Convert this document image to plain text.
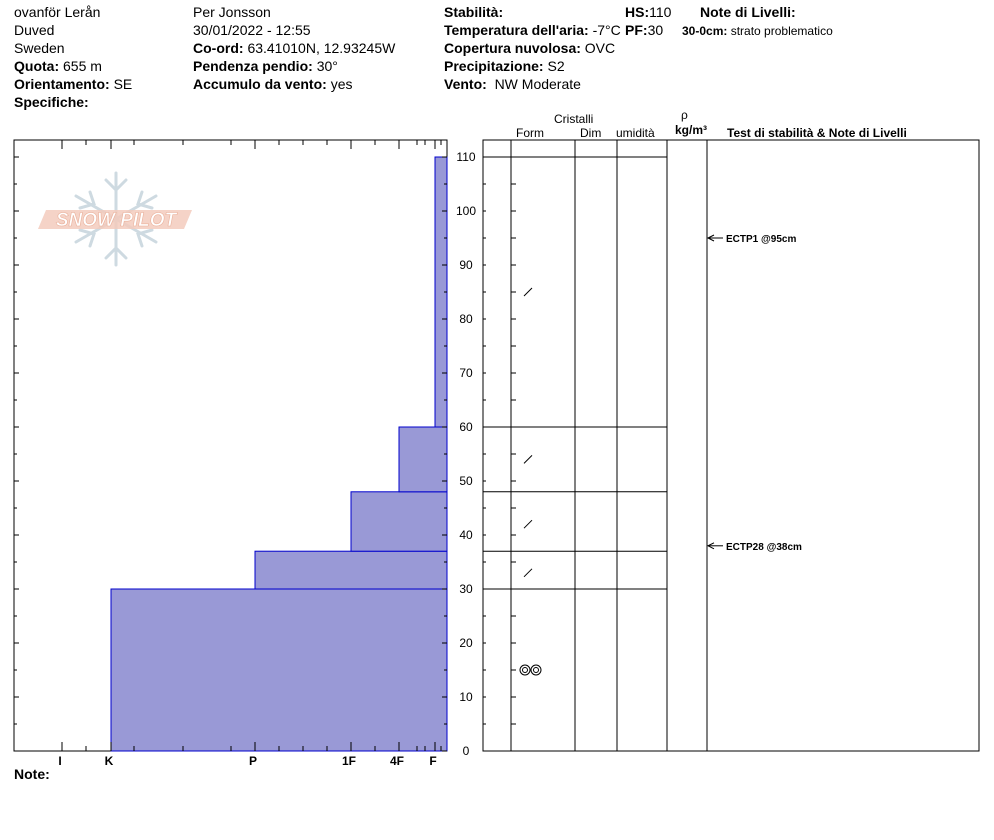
ovanför Lerån
Duved
Sweden
Quota: 655 m
Orientamento: SE
Specifiche:
Per Jonsson
30/01/2022 - 12:55
Co-ord: 63.41010N, 12.93245W
Pendenza pendio: 30°
Accumulo da vento: yes
Stabilità:
Temperatura dell'aria: -7°C
Copertura nuvolosa: OVC
Precipitazione: S2
Vento: NW Moderate
HS:110
PF:30
Note di Livelli:
30-0cm: strato problematico
Cristalli
Form	Dim umidità
ρ
kg/m³ Test di stabilità & Note di Livelli
Note:
SNOW PILOT
I	K	P	1F	4F F
0
10
20
30
40
50
60
70
80
90
100
110
ECTP1 @95cm
ECTP28 @38cm
